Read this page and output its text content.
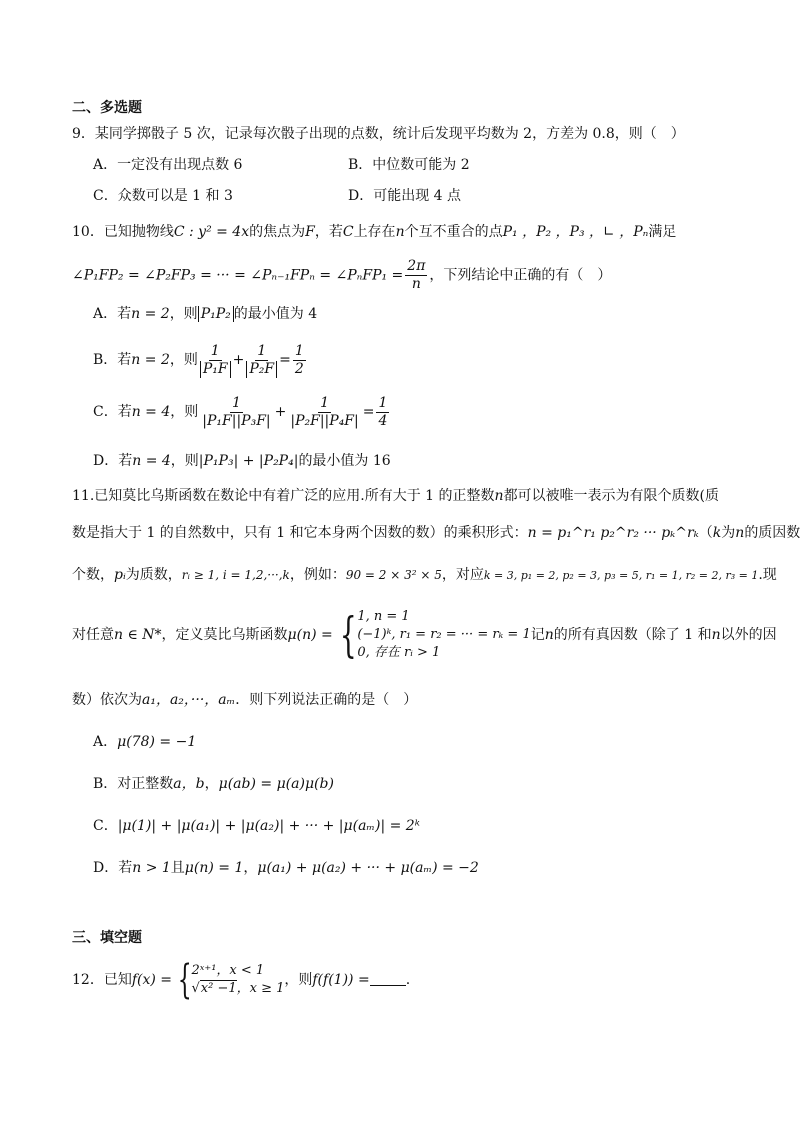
二、多选题
9．某同学掷骰子 5 次，记录每次骰子出现的点数，统计后发现平均数为 2，方差为 0.8，则（　）
A．一定没有出现点数 6	B．中位数可能为 2
C．众数可以是 1 和 3	D．可能出现 4 点
10．已知抛物线C : y² = 4x的焦点为F，若C上存在n个互不重合的点P₁ ，P₂ ，P₃ ，∟ ，Pₙ满足
∠P₁FP₂ = ∠P₂FP₃ = ··· = ∠Pₙ₋₁FPₙ = ∠PₙFP₁ = $\frac{2\pi}{n}$ ，下列结论中正确的有（　）
A．若n = 2，则 P₁P₂ 的最小值为 4
B．若n = 2，则 $\frac{1}{\text{P₁F}} + \frac{1}{\text{P₂F}} = \frac{1}{2}$
C．若n = 4，则 $\frac{1}{\text{|P₁F||P₃F|}} + \frac{1}{\text{|P₂F||P₄F|}} = \frac{1}{4}$
D．若n = 4，则|P₁P₃| + |P₂P₄|的最小值为 16
11.已知莫比乌斯函数在数论中有着广泛的应用.所有大于 1 的正整数n都可以被唯一表示为有限个质数(质
数是指大于 1 的自然数中，只有 1 和它本身两个因数的数）的乘积形式：n = p₁^r₁ p₂^r₂ ··· pₖ^rₖ（k为n的质因数
个数，pᵢ为质数，rᵢ ≥ 1, i = 1,2,···,k，例如：90 = 2 × 3² × 5，对应k = 3, p₁ = 2, p₂ = 3, p₃ = 5, r₁ = 1, r₂ = 2, r₃ = 1.现
对任意n ∈ N*，定义莫比乌斯函数μ(n) = { 1, n = 1
(−1)ᵏ, r₁ = r₂ = ··· = rₖ = 1
0, 存在 rᵢ > 1
记n的所有真因数（除了 1 和n以外的因
数）依次为a₁，a₂，···，aₘ．则下列说法正确的是（　）
A．μ(78) = −1
B．对正整数a，b，μ(ab) = μ(a)μ(b)
C．|μ(1)| + |μ(a₁)| + |μ(a₂)| + ··· + |μ(aₘ)| = 2ᵏ
D．若n > 1且μ(n) = 1，μ(a₁) + μ(a₂) + ··· + μ(aₘ) = −2
三、填空题
12．已知f(x) = { 2ˣ⁺¹，x < 1
√x² −1，x ≥ 1
，则f(f(1)) =	.
